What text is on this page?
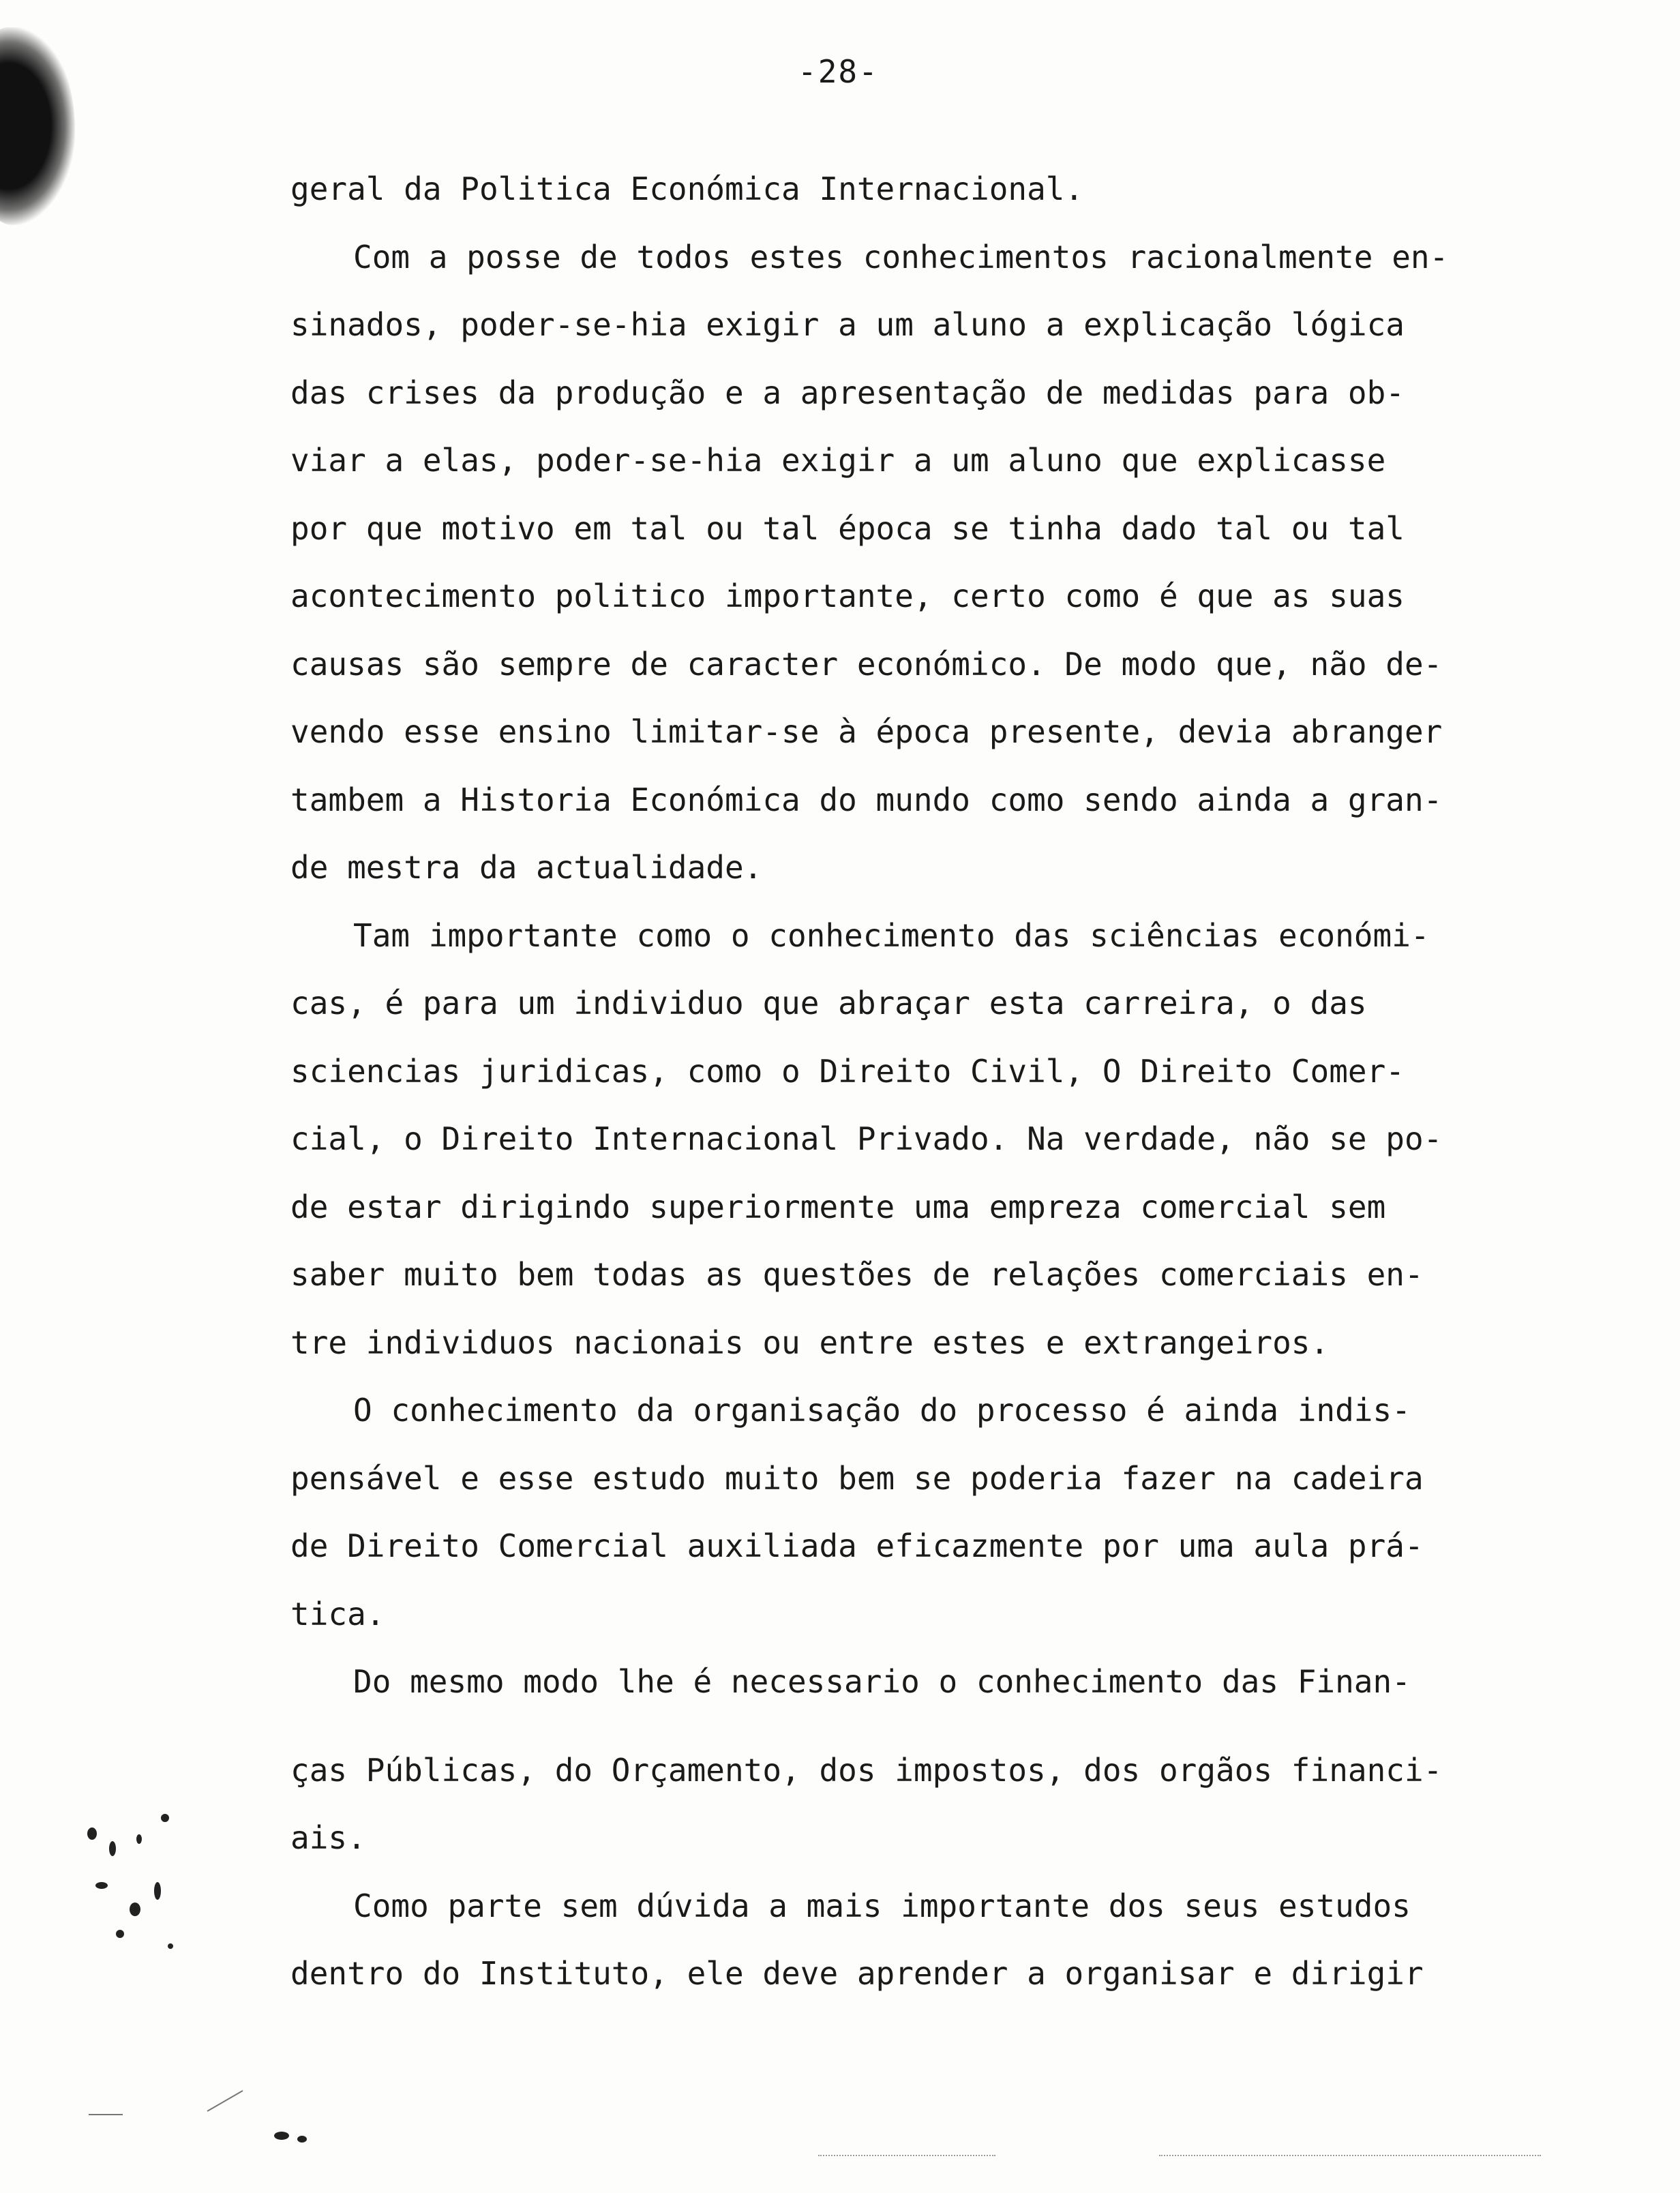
-28-
geral da Politica Económica Internacional.
Com a posse de todos estes conhecimentos racionalmente en-
sinados, poder-se-hia exigir a um aluno a explicação lógica
das crises da produção e a apresentação de medidas para ob-
viar a elas, poder-se-hia exigir a um aluno que explicasse
por que motivo em tal ou tal época se tinha dado tal ou tal
acontecimento politico importante, certo como é que as suas
causas são sempre de caracter económico. De modo que, não de-
vendo esse ensino limitar-se à época presente, devia abranger
tambem a Historia Económica do mundo como sendo ainda a gran-
de mestra da actualidade.
Tam importante como o conhecimento das sciências económi-
cas, é para um individuo que abraçar esta carreira, o das
sciencias juridicas, como o Direito Civil, O Direito Comer-
cial, o Direito Internacional Privado. Na verdade, não se po-
de estar dirigindo superiormente uma empreza comercial sem
saber muito bem todas as questões de relações comerciais en-
tre individuos nacionais ou entre estes e extrangeiros.
O conhecimento da organisação do processo é ainda indis-
pensável e esse estudo muito bem se poderia fazer na cadeira
de Direito Comercial auxiliada eficazmente por uma aula prá-
tica.
Do mesmo modo lhe é necessario o conhecimento das Finan-
ças Públicas, do Orçamento, dos impostos, dos orgãos financi-
ais.
Como parte sem dúvida a mais importante dos seus estudos
dentro do Instituto, ele deve aprender a organisar e dirigir
